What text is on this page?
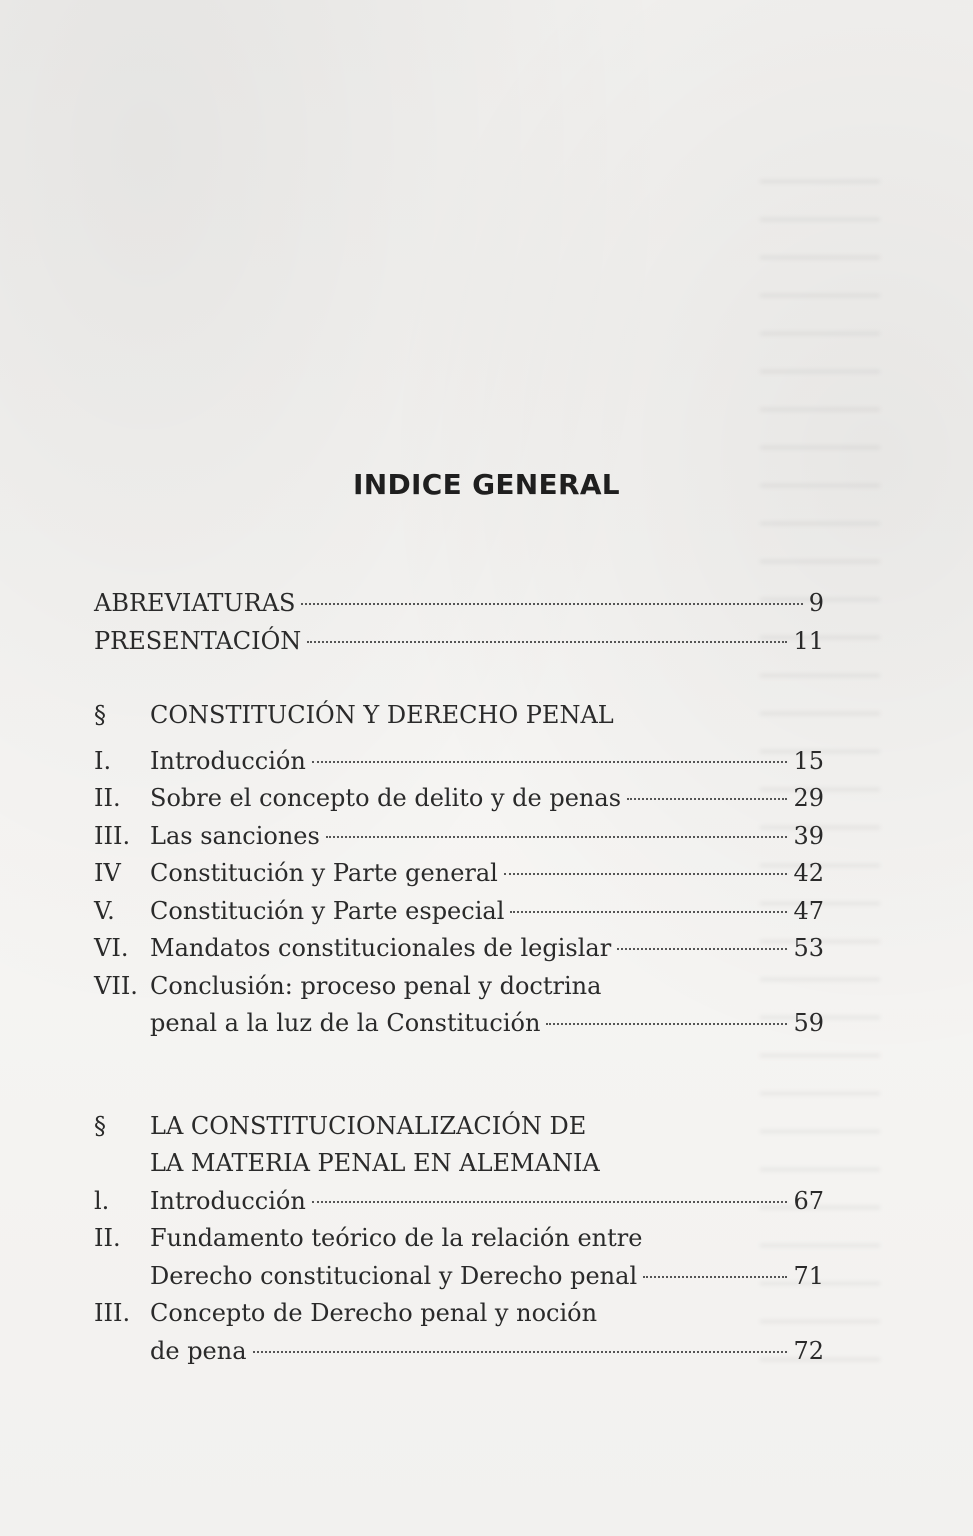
INDICE GENERAL
ABREVIATURAS	9
PRESENTACIÓN	11
§	CONSTITUCIÓN Y DERECHO PENAL
I.	Introducción	15
II.	Sobre el concepto de delito y de penas	29
III. Las sanciones	39
IV	Constitución y Parte general	42
V.	Constitución y Parte especial	47
VI. Mandatos constitucionales de legislar	53
VII. Conclusión: proceso penal y doctrina
penal a la luz de la Constitución	59
§	LA CONSTITUCIONALIZACIÓN DE
LA MATERIA PENAL EN ALEMANIA
l.	Introducción	67
II.	Fundamento teórico de la relación entre
Derecho constitucional y Derecho penal	71
III. Concepto de Derecho penal y noción
de pena	72
